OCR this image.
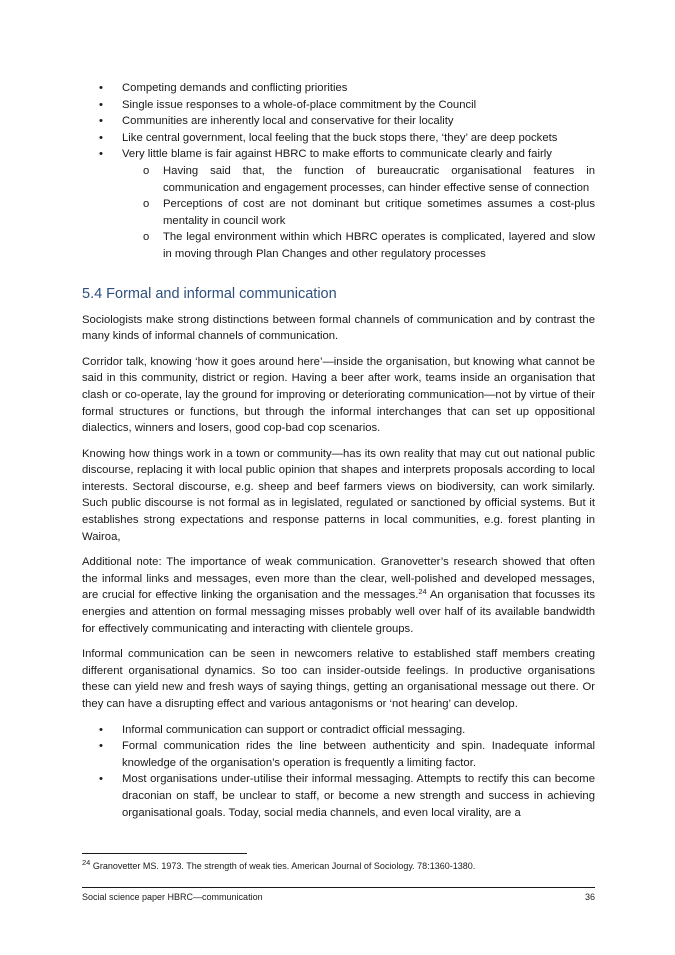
• Competing demands and conflicting priorities
• Single issue responses to a whole-of-place commitment by the Council
• Communities are inherently local and conservative for their locality
• Like central government, local feeling that the buck stops there, ‘they’ are deep pockets
• Very little blame is fair against HBRC to make efforts to communicate clearly and fairly
o Having said that, the function of bureaucratic organisational features in communication and engagement processes, can hinder effective sense of connection
o Perceptions of cost are not dominant but critique sometimes assumes a cost-plus mentality in council work
o The legal environment within which HBRC operates is complicated, layered and slow in moving through Plan Changes and other regulatory processes
5.4 Formal and informal communication

Sociologists make strong distinctions between formal channels of communication and by contrast the many kinds of informal channels of communication.

Corridor talk, knowing ‘how it goes around here’—inside the organisation, but knowing what cannot be said in this community, district or region. Having a beer after work, teams inside an organisation that clash or co-operate, lay the ground for improving or deteriorating communication—not by virtue of their formal structures or functions, but through the informal interchanges that can set up oppositional dialectics, winners and losers, good cop-bad cop scenarios.

Knowing how things work in a town or community—has its own reality that may cut out national public discourse, replacing it with local public opinion that shapes and interprets proposals according to local interests. Sectoral discourse, e.g. sheep and beef farmers views on biodiversity, can work similarly. Such public discourse is not formal as in legislated, regulated or sanctioned by official systems. But it establishes strong expectations and response patterns in local communities, e.g. forest planting in Wairoa,

Additional note: The importance of weak communication. Granovetter’s research showed that often the informal links and messages, even more than the clear, well-polished and developed messages, are crucial for effective linking the organisation and the messages.$^{24}$ An organisation that focusses its energies and attention on formal messaging misses probably well over half of its available bandwidth for effectively communicating and interacting with clientele groups.

Informal communication can be seen in newcomers relative to established staff members creating different organisational dynamics. So too can insider-outside feelings. In productive organisations these can yield new and fresh ways of saying things, getting an organisational message out there. Or they can have a disrupting effect and various antagonisms or ‘not hearing’ can develop.

• Informal communication can support or contradict official messaging.
• Formal communication rides the line between authenticity and spin. Inadequate informal knowledge of the organisation’s operation is frequently a limiting factor.
• Most organisations under-utilise their informal messaging. Attempts to rectify this can become draconian on staff, be unclear to staff, or become a new strength and success in achieving organisational goals. Today, social media channels, and even local virality, are a
$^{24}$ Granovetter MS. 1973. The strength of weak ties. American Journal of Sociology. 78:1360-1380.
Social science paper HBRC—communication	36
